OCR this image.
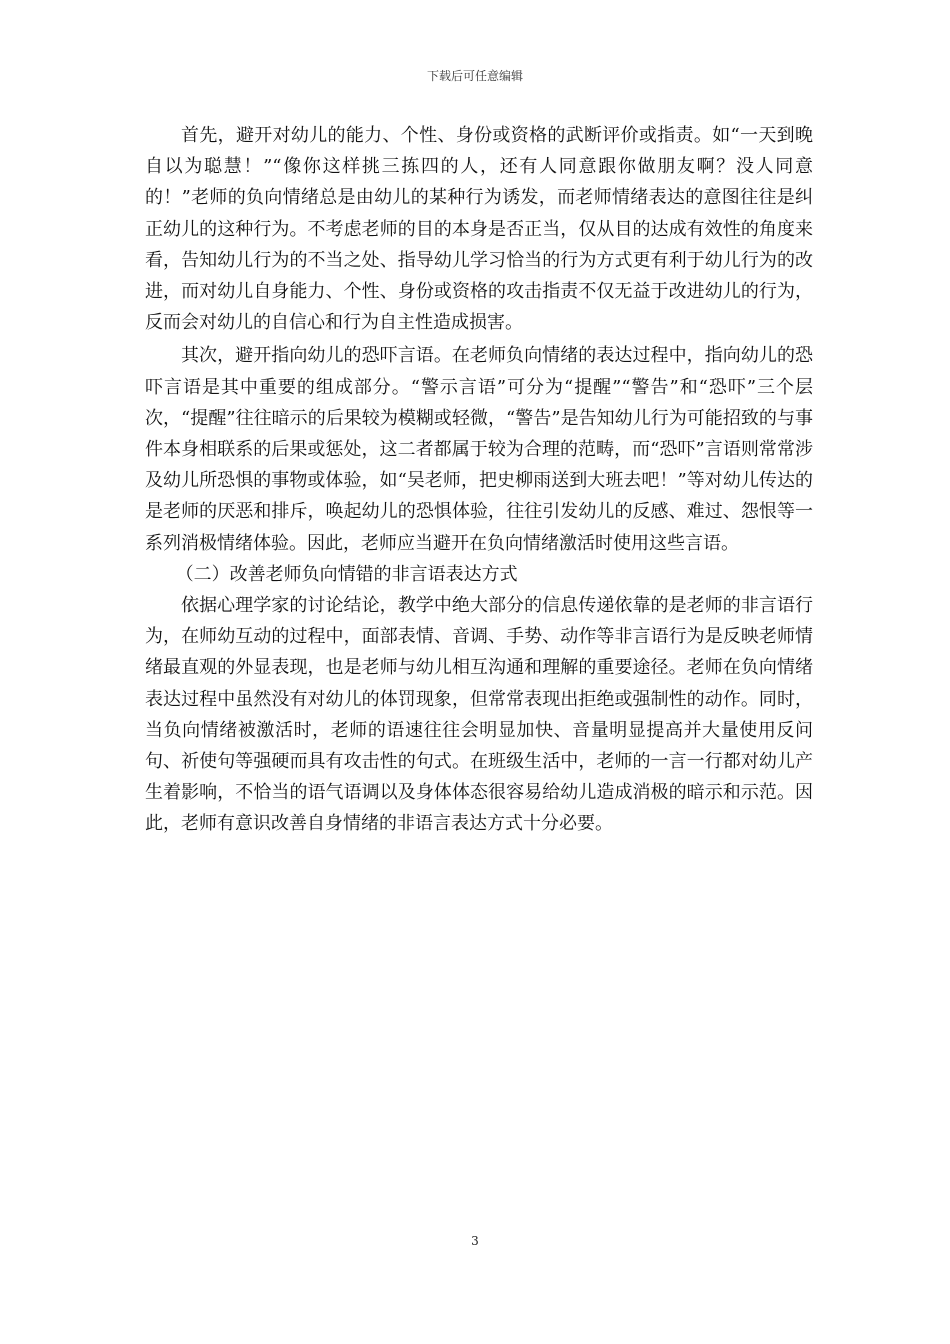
下载后可任意编辑

首先，避开对幼儿的能力、个性、身份或资格的武断评价或指责。如“一天到晚自以为聪慧！”“像你这样挑三拣四的人，还有人同意跟你做朋友啊？没人同意的！”老师的负向情绪总是由幼儿的某种行为诱发，而老师情绪表达的意图往往是纠正幼儿的这种行为。不考虑老师的目的本身是否正当，仅从目的达成有效性的角度来看，告知幼儿行为的不当之处、指导幼儿学习恰当的行为方式更有利于幼儿行为的改进，而对幼儿自身能力、个性、身份或资格的攻击指责不仅无益于改进幼儿的行为，反而会对幼儿的自信心和行为自主性造成损害。

其次，避开指向幼儿的恐吓言语。在老师负向情绪的表达过程中，指向幼儿的恐吓言语是其中重要的组成部分。“警示言语”可分为“提醒”“警告”和“恐吓”三个层次，“提醒”往往暗示的后果较为模糊或轻微，“警告”是告知幼儿行为可能招致的与事件本身相联系的后果或惩处，这二者都属于较为合理的范畴，而“恐吓”言语则常常涉及幼儿所恐惧的事物或体验，如“吴老师，把史柳雨送到大班去吧！”等对幼儿传达的是老师的厌恶和排斥，唤起幼儿的恐惧体验，往往引发幼儿的反感、难过、怨恨等一系列消极情绪体验。因此，老师应当避开在负向情绪激活时使用这些言语。

（二）改善老师负向情错的非言语表达方式

依据心理学家的讨论结论，教学中绝大部分的信息传递依靠的是老师的非言语行为，在师幼互动的过程中，面部表情、音调、手势、动作等非言语行为是反映老师情绪最直观的外显表现，也是老师与幼儿相互沟通和理解的重要途径。老师在负向情绪表达过程中虽然没有对幼儿的体罚现象，但常常表现出拒绝或强制性的动作。同时，当负向情绪被激活时，老师的语速往往会明显加快、音量明显提高并大量使用反问句、祈使句等强硬而具有攻击性的句式。在班级生活中，老师的一言一行都对幼儿产生着影响，不恰当的语气语调以及身体体态很容易给幼儿造成消极的暗示和示范。因此，老师有意识改善自身情绪的非语言表达方式十分必要。

3
